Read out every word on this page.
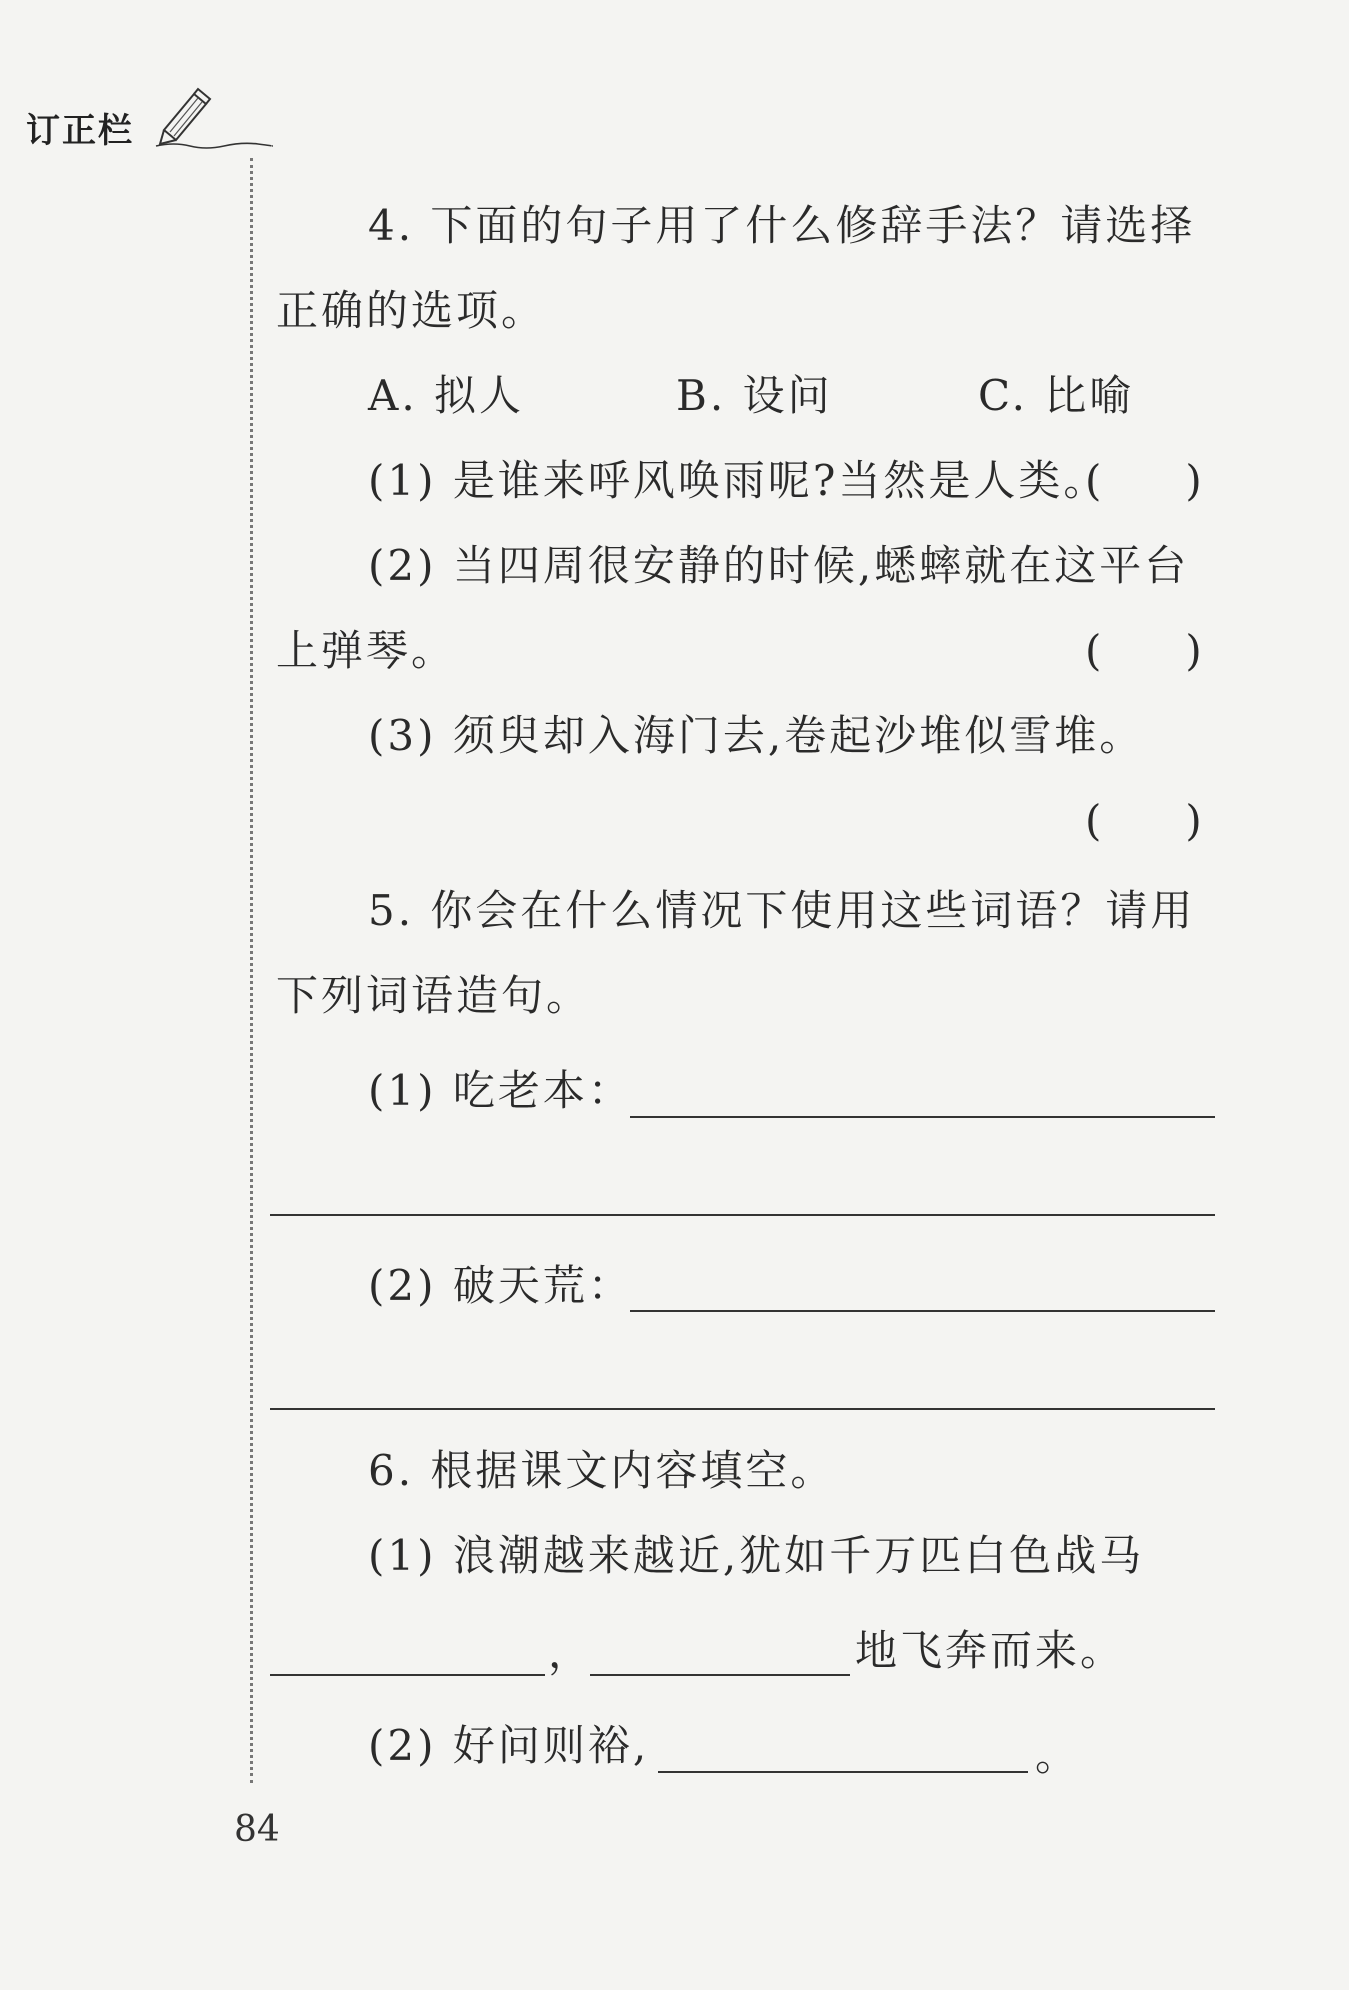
订正栏
4. 下面的句子用了什么修辞手法？请选择
正确的选项。
A. 拟人	B. 设问	C. 比喻
(1) 是谁来呼风唤雨呢?当然是人类。
(　　)
(2) 当四周很安静的时候,蟋蟀就在这平台
上弹琴。	(　　)
(3) 须臾却入海门去,卷起沙堆似雪堆。
(　　)
5. 你会在什么情况下使用这些词语？请用
下列词语造句。
(1) 吃老本：
(2) 破天荒：
6. 根据课文内容填空。
(1) 浪潮越来越近,犹如千万匹白色战马
，	地飞奔而来。
(2) 好问则裕,	。
84
